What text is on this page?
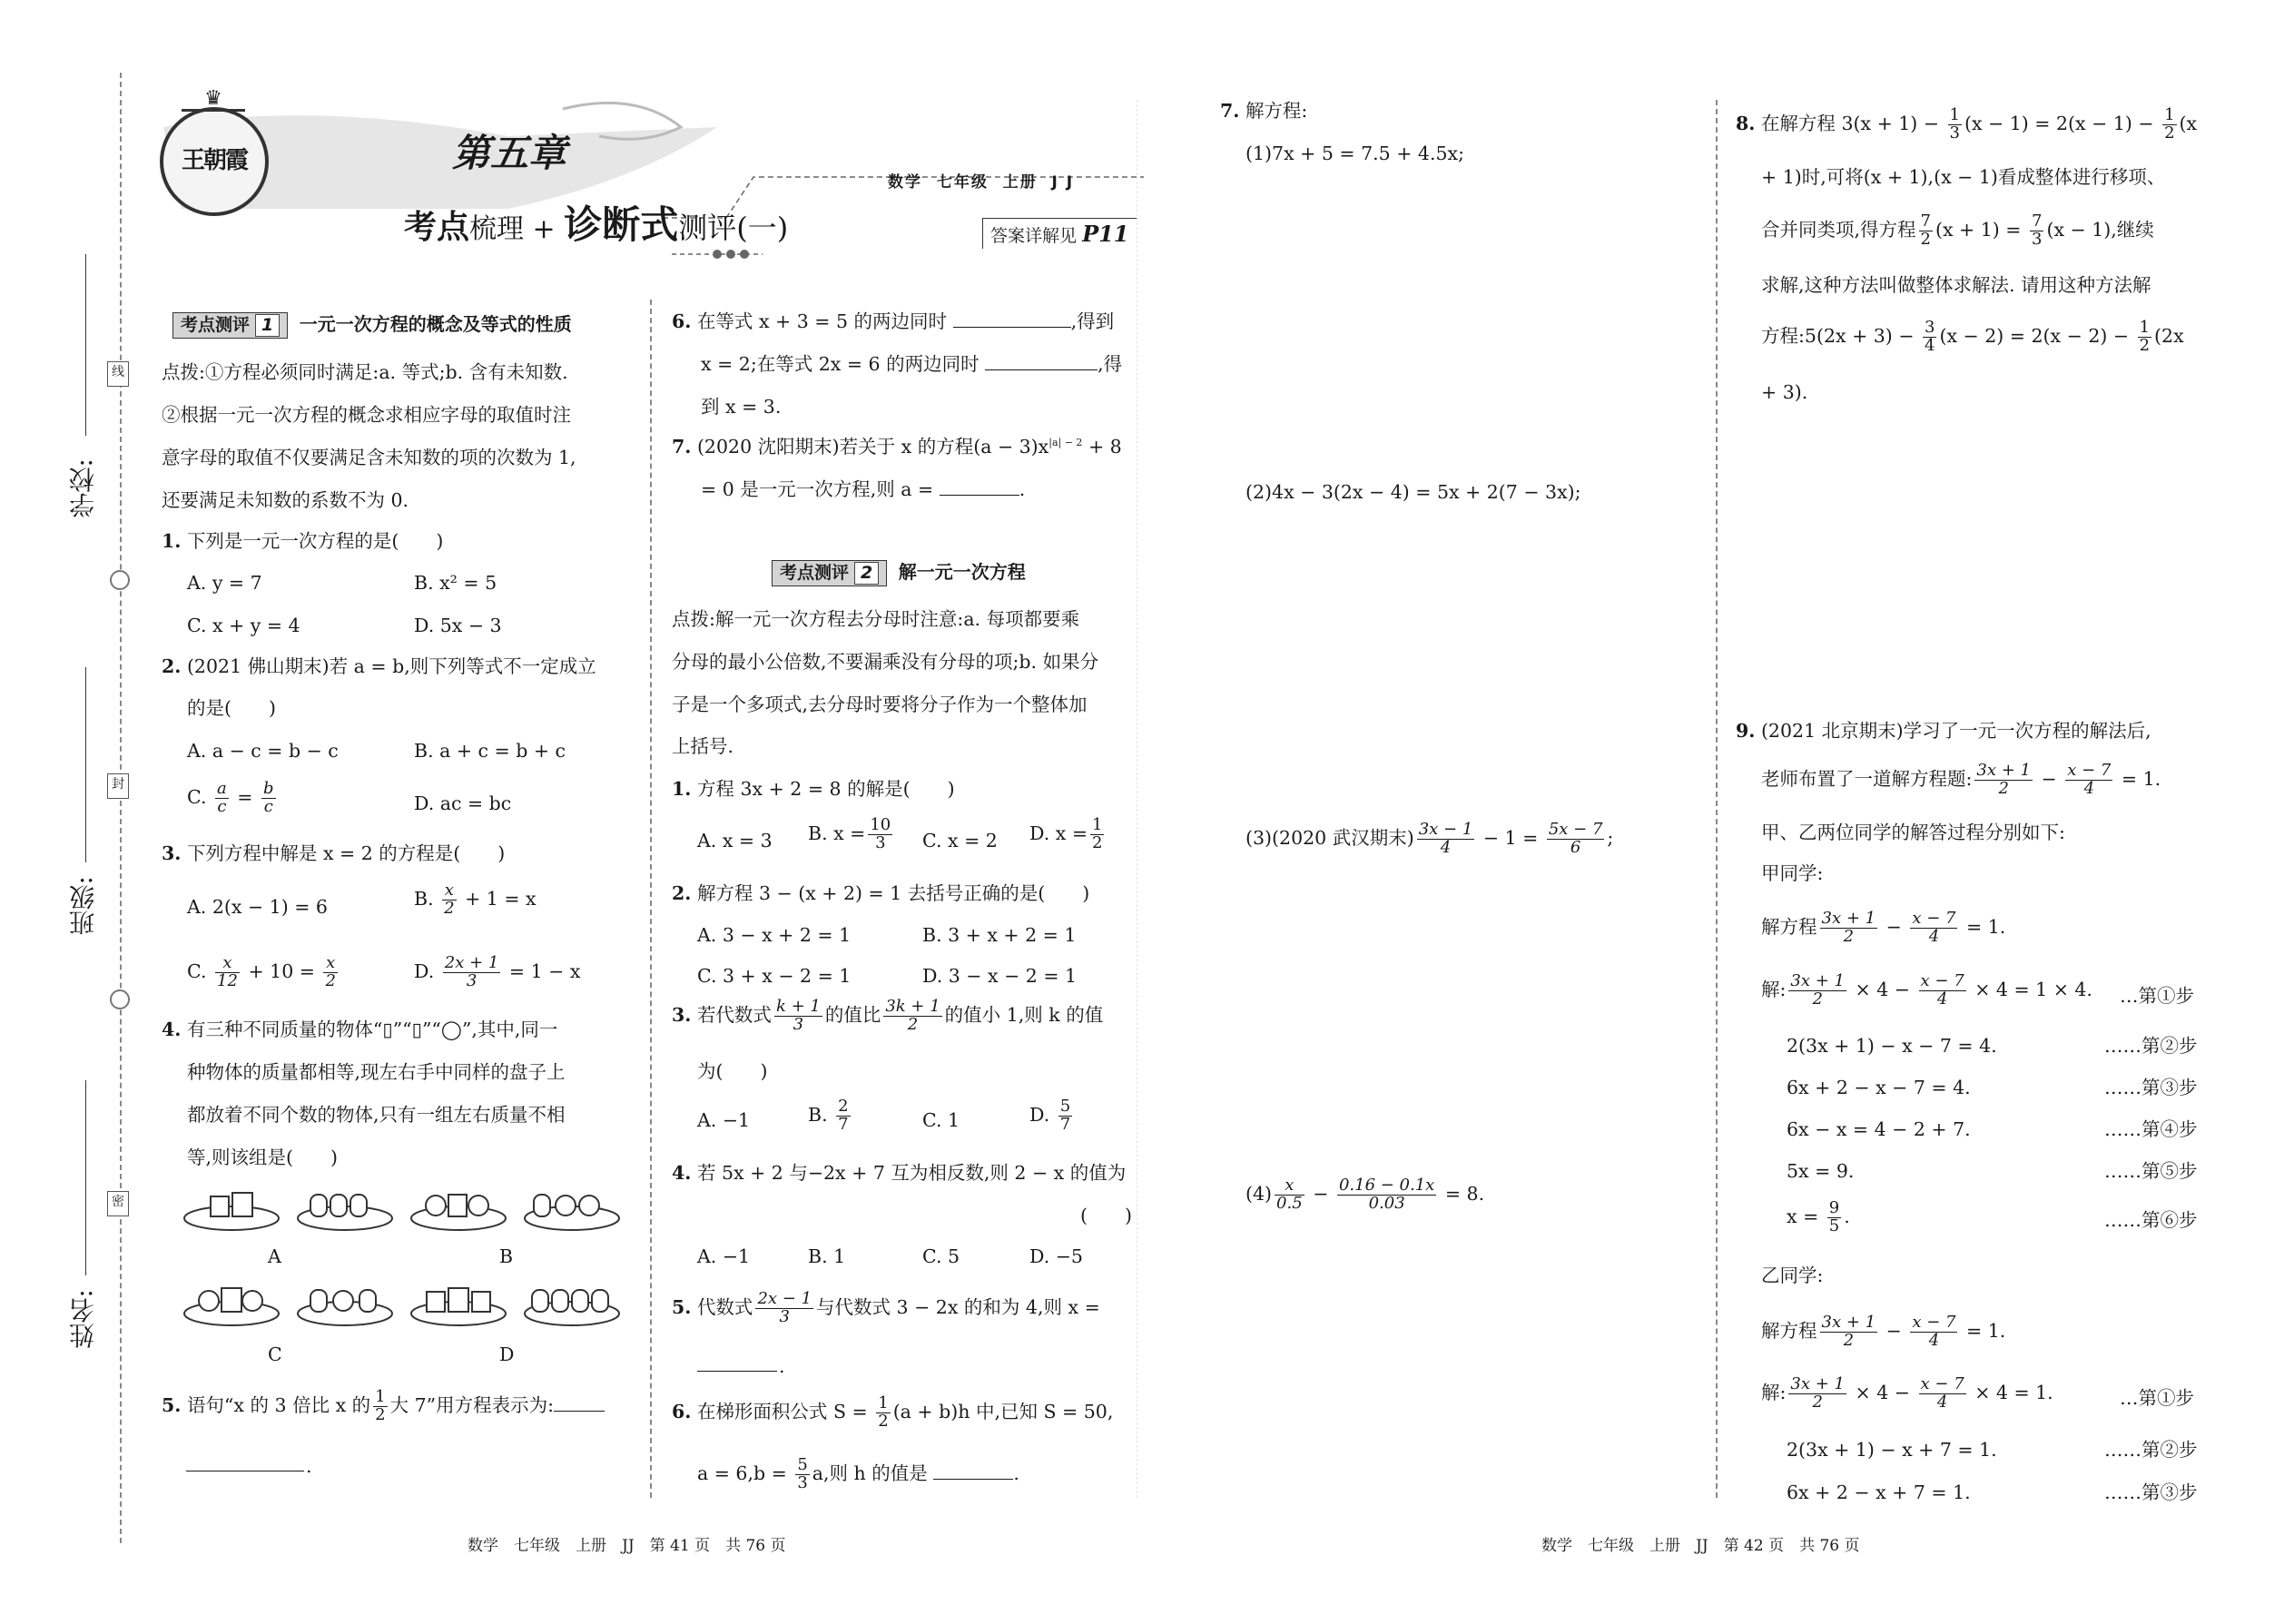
学校:
班级:
姓名:
线
封
密
♛
王朝霞	第五章
考点梳理 + 诊断式测评(一)
数学  七年级  上册  J J
答案详解见 P11
考点测评 1 一元一次方程的概念及等式的性质
点拨:①方程必须同时满足:a. 等式;b. 含有未知数.
②根据一元一次方程的概念求相应字母的取值时注
意字母的取值不仅要满足含未知数的项的次数为 1,
还要满足未知数的系数不为 0.
1. 下列是一元一次方程的是(　　)
A. y = 7	B. x² = 5
C. x + y = 4	D. 5x − 3
2. (2021 佛山期末)若 a = b,则下列等式不一定成立
的是(　　)
A. a − c = b − c	B. a + c = b + c
C. $\frac{a}{c} = \frac{b}{c}$	D. ac = bc
3. 下列方程中解是 x = 2 的方程是(　　)
A. 2(x − 1) = 6	B. $\frac{x}{2} + 1 = x$
C. $\frac{x}{12} + 10 = \frac{x}{2}$	D. $\frac{2x + 1}{3} = 1 - x$
4. 有三种不同质量的物体“▯”“▯”“◯”,其中,同一
种物体的质量都相等,现左右手中同样的盘子上
都放着不同个数的物体,只有一组左右质量不相
等,则该组是(　　)
A	B
C	D
5. 语句“x 的 3 倍比 x 的 $\frac{1}{2}$ 大 7”用方程表示为:
.
6. 在等式 x + 3 = 5 的两边同时	,得到
x = 2;在等式 2x = 6 的两边同时	,得
到 x = 3.
7. (2020 沈阳期末)若关于 x 的方程$(a - 3)x^{|a| - 2} + 8$
= 0 是一元一次方程,则 a =	.
考点测评 2 解一元一次方程
点拨:解一元一次方程去分母时注意:a. 每项都要乘
分母的最小公倍数,不要漏乘没有分母的项;b. 如果分
子是一个多项式,去分母时要将分子作为一个整体加
上括号.
1. 方程 3x + 2 = 8 的解是(　　)
A. x = 3 B. $x = \frac{10}{3} C$. x = 2 D. $x = \frac{1}{2}$
2. 解方程 3 − (x + 2) = 1 去括号正确的是(　　)
A. 3 − x + 2 = 1	B. 3 + x + 2 = 1
C. 3 + x − 2 = 1	D. 3 − x − 2 = 1
3. 若代数式 $\frac{k + 1}{3}$ 的值比 $\frac{3k + 1}{2}$ 的值小 1,则 k 的值
为(　　)
A. −1	B. $\frac{2}{7}$	C. 1	D. $\frac{5}{7}$
4. 若 5x + 2 与−2x + 7 互为相反数,则 2 − x 的值为
(　　)
A. −1	B. 1	C. 5	D. −5
5. 代数式 $\frac{2x - 1}{3}$ 与代数式 3 − 2x 的和为 4,则 x =
.
6. 在梯形面积公式 $S = \frac{1}{2} (a + b)h$ 中,已知 S = 50,
$a = 6,b = \frac{5}{3} a$,则 h 的值是	.
7. 解方程:
(1)7x + 5 = 7.5 + 4.5x;
(2)4x − 3(2x − 4) = 5x + 2(7 − 3x);
(3)(2020 武汉期末) $\frac{3x - 1}{4} - 1 = \frac{5x - 7}{6}$ ;
$(4) \frac{x}{0.5} - \frac{0.16 - 0.1x}{0.03} = 8$.
8. 在解方程 $3(x + 1) - \frac{1}{3} (x - 1) = 2(x - 1) - \frac{1}{2} (x$
+ 1)时,可将(x + 1),(x − 1)看成整体进行移项、
合并同类项,得方程 $\frac{7}{2} (x + 1) = \frac{7}{3} (x - 1)$,继续
求解,这种方法叫做整体求解法. 请用这种方法解
方程:5(2x + $3) - \frac{3}{4} (x - 2) = 2(x - 2) - \frac{1}{2} (2x$
+ 3).
9. (2021 北京期末)学习了一元一次方程的解法后,
老师布置了一道解方程题: $\frac{3x + 1}{2} - \frac{x - 7}{4} = 1$.
甲、乙两位同学的解答过程分别如下:
甲同学:
解方程 $\frac{3x + 1}{2} - \frac{x - 7}{4} = 1$.
解: $\frac{3x + 1}{2} \times 4 - \frac{x - 7}{4} \times 4 = 1 \times 4$. …第①步
2(3x + 1) − x − 7 = 4.	……第②步
6x + 2 − x − 7 = 4.	……第③步
6x − x = 4 − 2 + 7.	……第④步
5x = 9.	……第⑤步
$x = \frac{9}{5}$ .	……第⑥步
乙同学:
解方程 $\frac{3x + 1}{2} - \frac{x - 7}{4} = 1$.
解: $\frac{3x + 1}{2} \times 4 - \frac{x - 7}{4} \times 4 = 1$.	…第①步
2(3x + 1) − x + 7 = 1.	……第②步
6x + 2 − x + 7 = 1.	……第③步
数学　七年级　上册　JJ　第 41 页　共 76 页	数学　七年级　上册　JJ　第 42 页　共 76 页
